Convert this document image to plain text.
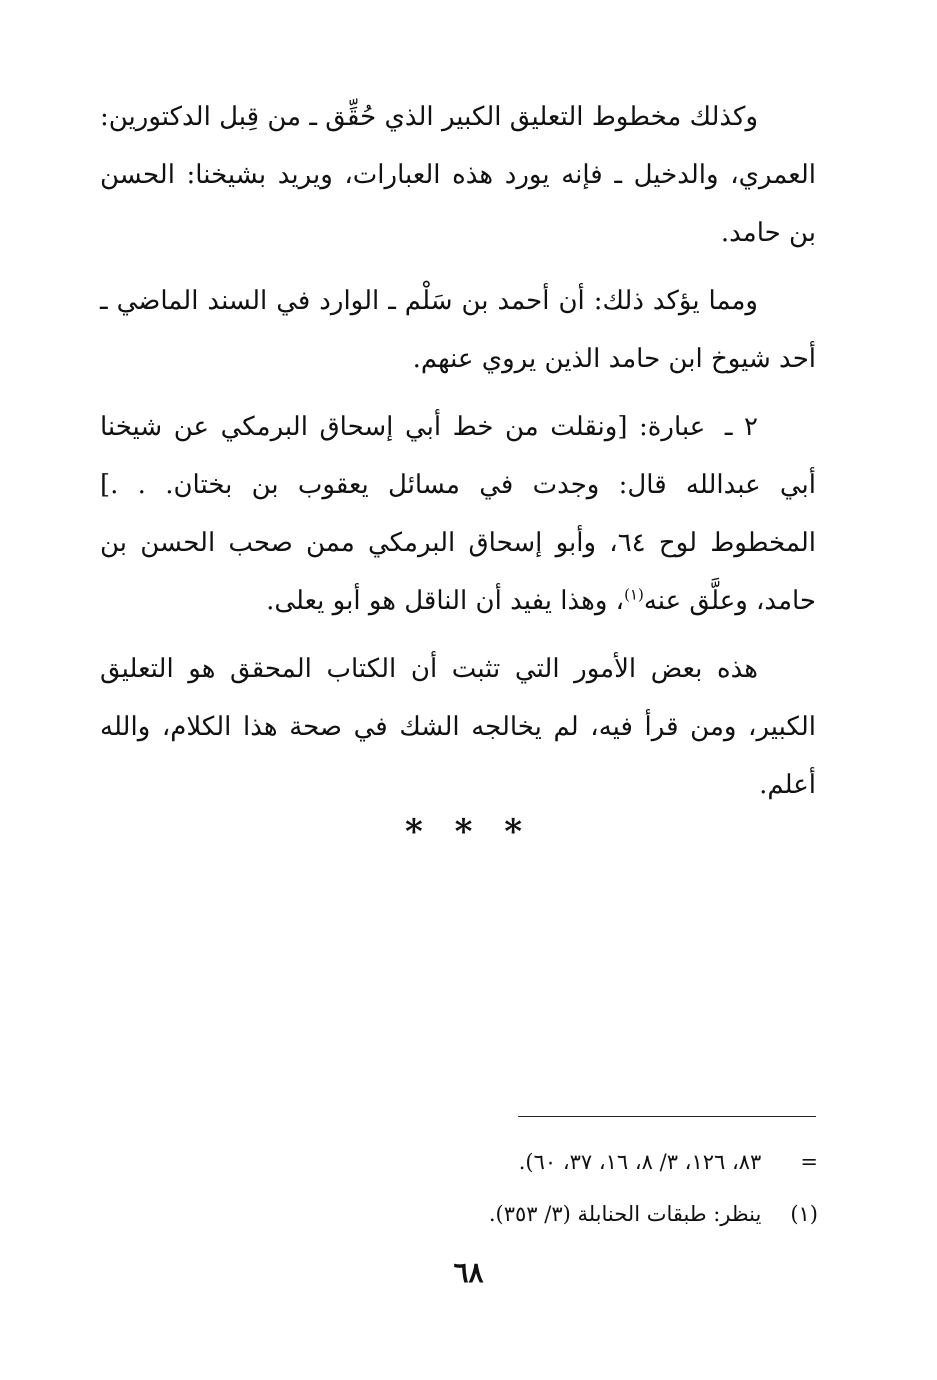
وكذلك مخطوط التعليق الكبير الذي حُقِّق ـ من قِبل الدكتورين: العمري، والدخيل ـ فإنه يورد هذه العبارات، ويريد بشيخنا: الحسن بن حامد.

ومما يؤكد ذلك: أن أحمد بن سَلْم ـ الوارد في السند الماضي ـ أحد شيوخ ابن حامد الذين يروي عنهم.

٢ ـ عبارة: [ونقلت من خط أبي إسحاق البرمكي عن شيخنا أبي عبدالله قال: وجدت في مسائل يعقوب بن بختان. . .] المخطوط لوح ٦٤، وأبو إسحاق البرمكي ممن صحب الحسن بن حامد، وعلَّق عنه$^{(١)}$، وهذا يفيد أن الناقل هو أبو يعلى.

هذه بعض الأمور التي تثبت أن الكتاب المحقق هو التعليق الكبير، ومن قرأ فيه، لم يخالجه الشك في صحة هذا الكلام، والله أعلم.

* * *
= ٨٣، ١٢٦، ٣/ ٨، ١٦، ٣٧، ٦٠).
(١) ينظر: طبقات الحنابلة (٣/ ٣٥٣).
٦٨
